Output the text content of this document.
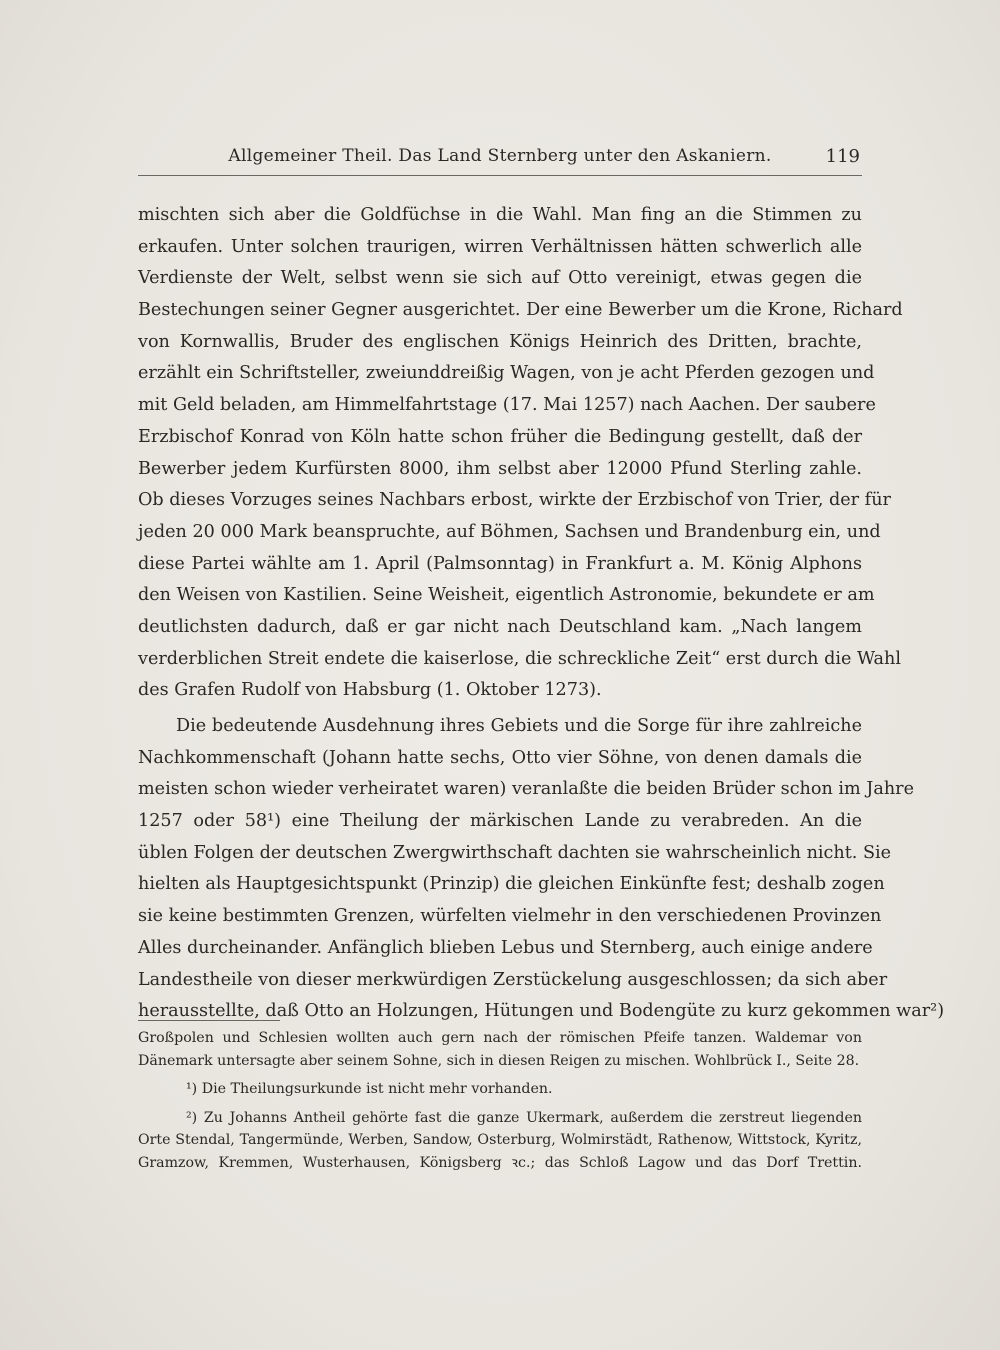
Allgemeiner Theil. Das Land Sternberg unter den Askaniern.	119
mischten sich aber die Goldfüchse in die Wahl. Man fing an die Stimmen zu
erkaufen. Unter solchen traurigen, wirren Verhältnissen hätten schwerlich alle
Verdienste der Welt, selbst wenn sie sich auf Otto vereinigt, etwas gegen die
Bestechungen seiner Gegner ausgerichtet. Der eine Bewerber um die Krone, Richard
von Kornwallis, Bruder des englischen Königs Heinrich des Dritten, brachte,
erzählt ein Schriftsteller, zweiunddreißig Wagen, von je acht Pferden gezogen und
mit Geld beladen, am Himmelfahrtstage (17. Mai 1257) nach Aachen. Der saubere
Erzbischof Konrad von Köln hatte schon früher die Bedingung gestellt, daß der
Bewerber jedem Kurfürsten 8000, ihm selbst aber 12000 Pfund Sterling zahle.
Ob dieses Vorzuges seines Nachbars erbost, wirkte der Erzbischof von Trier, der für
jeden 20 000 Mark beanspruchte, auf Böhmen, Sachsen und Brandenburg ein, und
diese Partei wählte am 1. April (Palmsonntag) in Frankfurt a. M. König Alphons
den Weisen von Kastilien. Seine Weisheit, eigentlich Astronomie, bekundete er am
deutlichsten dadurch, daß er gar nicht nach Deutschland kam. „Nach langem
verderblichen Streit endete die kaiserlose, die schreckliche Zeit“ erst durch die Wahl
des Grafen Rudolf von Habsburg (1. Oktober 1273).
Die bedeutende Ausdehnung ihres Gebiets und die Sorge für ihre zahlreiche
Nachkommenschaft (Johann hatte sechs, Otto vier Söhne, von denen damals die
meisten schon wieder verheiratet waren) veranlaßte die beiden Brüder schon im Jahre
1257 oder 58¹) eine Theilung der märkischen Lande zu verabreden. An die
üblen Folgen der deutschen Zwergwirthschaft dachten sie wahrscheinlich nicht. Sie
hielten als Hauptgesichtspunkt (Prinzip) die gleichen Einkünfte fest; deshalb zogen
sie keine bestimmten Grenzen, würfelten vielmehr in den verschiedenen Provinzen
Alles durcheinander. Anfänglich blieben Lebus und Sternberg, auch einige andere
Landestheile von dieser merkwürdigen Zerstückelung ausgeschlossen; da sich aber
herausstellte, daß Otto an Holzungen, Hütungen und Bodengüte zu kurz gekommen war²)
Großpolen und Schlesien wollten auch gern nach der römischen Pfeife tanzen. Waldemar von
Dänemark untersagte aber seinem Sohne, sich in diesen Reigen zu mischen. Wohlbrück I., Seite 28.
¹) Die Theilungsurkunde ist nicht mehr vorhanden.
²) Zu Johanns Antheil gehörte fast die ganze Ukermark, außerdem die zerstreut liegenden
Orte Stendal, Tangermünde, Werben, Sandow, Osterburg, Wolmirstädt, Rathenow, Wittstock, Kyritz,
Gramzow, Kremmen, Wusterhausen, Königsberg ꝛc.; das Schloß Lagow und das Dorf Trettin.
